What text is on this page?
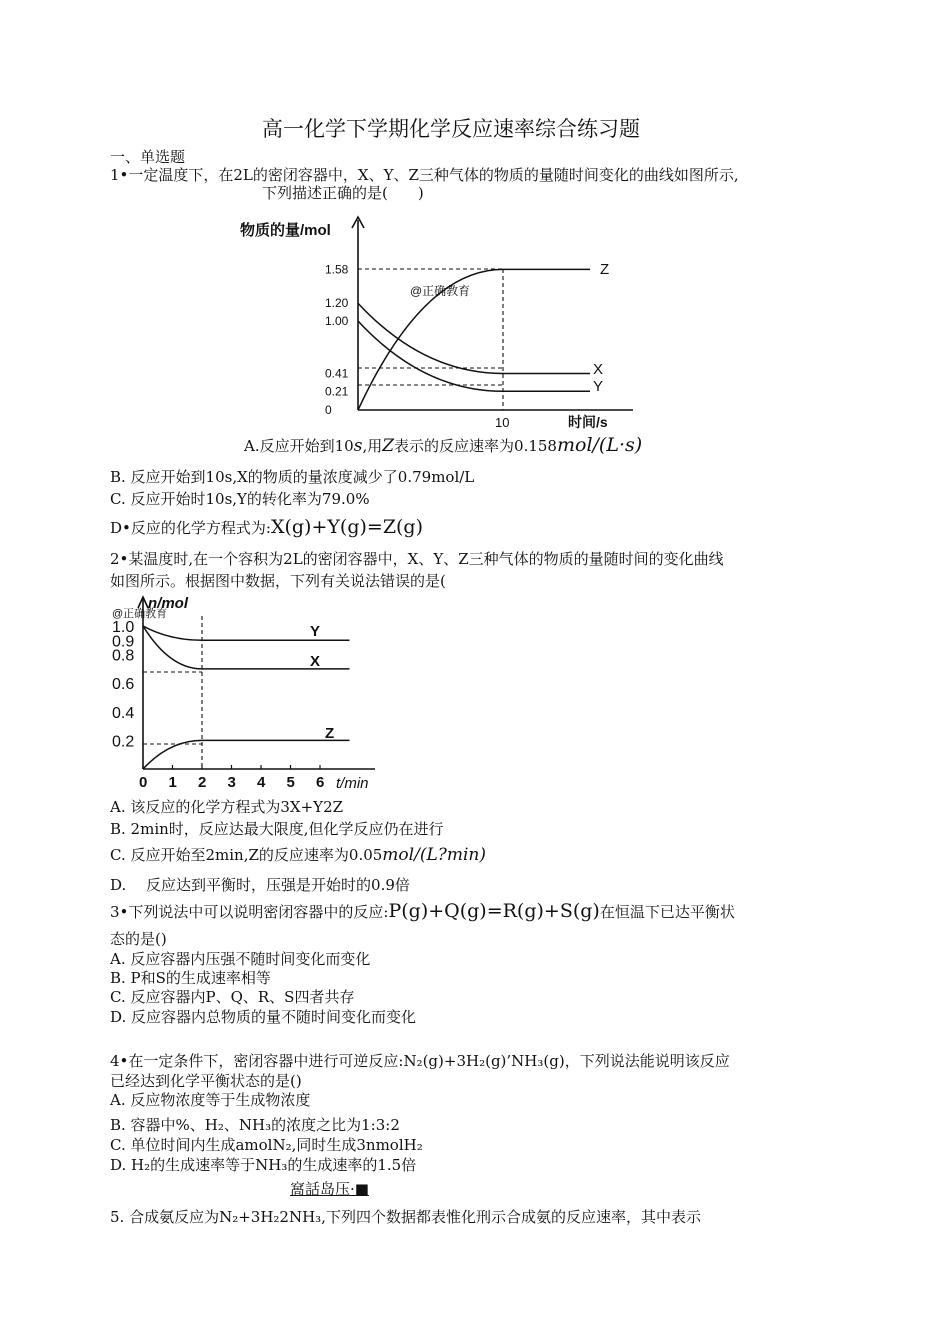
高一化学下学期化学反应速率综合练习题
一、单选题
1•一定温度下，在2L的密闭容器中，X、Y、Z三种气体的物质的量随时间变化的曲线如图所示,
下列描述正确的是(　　)
1.58
1.20
1.00
0.41
0.21
0
物质的量/mol
时间/s
10
@正确教育
Z
X
Y
A.反应开始到10s,用Z表示的反应速率为0.158mol/(L·s)
B. 反应开始到10s,X的物质的量浓度减少了0.79mol/L
C. 反应开始时10s,Y的转化率为79.0%
D•反应的化学方程式为:X(g)+Y(g)=Z(g)
2•某温度时,在一个容积为2L的密闭容器中，X、Y、Z三种气体的物质的量随时间的变化曲线
如图所示。根据图中数据，下列有关说法错误的是(
1.0
0.9
0.8
0.6
0.4
0.2
0 1 2 3 4 5 6
n/mol
@正确教育
t/min
Y
X
Z
A. 该反应的化学方程式为3X+Y2Z
B. 2min时，反应达最大限度,但化学反应仍在进行
C. 反应开始至2min,Z的反应速率为0.05mol/(L?min)
D.　 反应达到平衡时，压强是开始时的0.9倍
3•下列说法中可以说明密闭容器中的反应:P(g)+Q(g)=R(g)+S(g)在恒温下已达平衡状
态的是()
A. 反应容器内压强不随时间变化而变化
B. P和S的生成速率相等
C. 反应容器内P、Q、R、S四者共存
D. 反应容器内总物质的量不随时间变化而变化
4•在一定条件下，密闭容器中进行可逆反应:N₂(g)+3H₂(g)’NH₃(g)，下列说法能说明该反应
已经达到化学平衡状态的是()
A. 反应物浓度等于生成物浓度
B. 容器中%、H₂、NH₃的浓度之比为1:3:2
C. 单位时间内生成amolN₂,同时生成3nmolH₂
D. H₂的生成速率等于NH₃的生成速率的1.5倍
窩話岛压·■
5. 合成氨反应为N₂+3H₂2NH₃,下列四个数据都表惟化刑示合成氨的反应速率，其中表示
